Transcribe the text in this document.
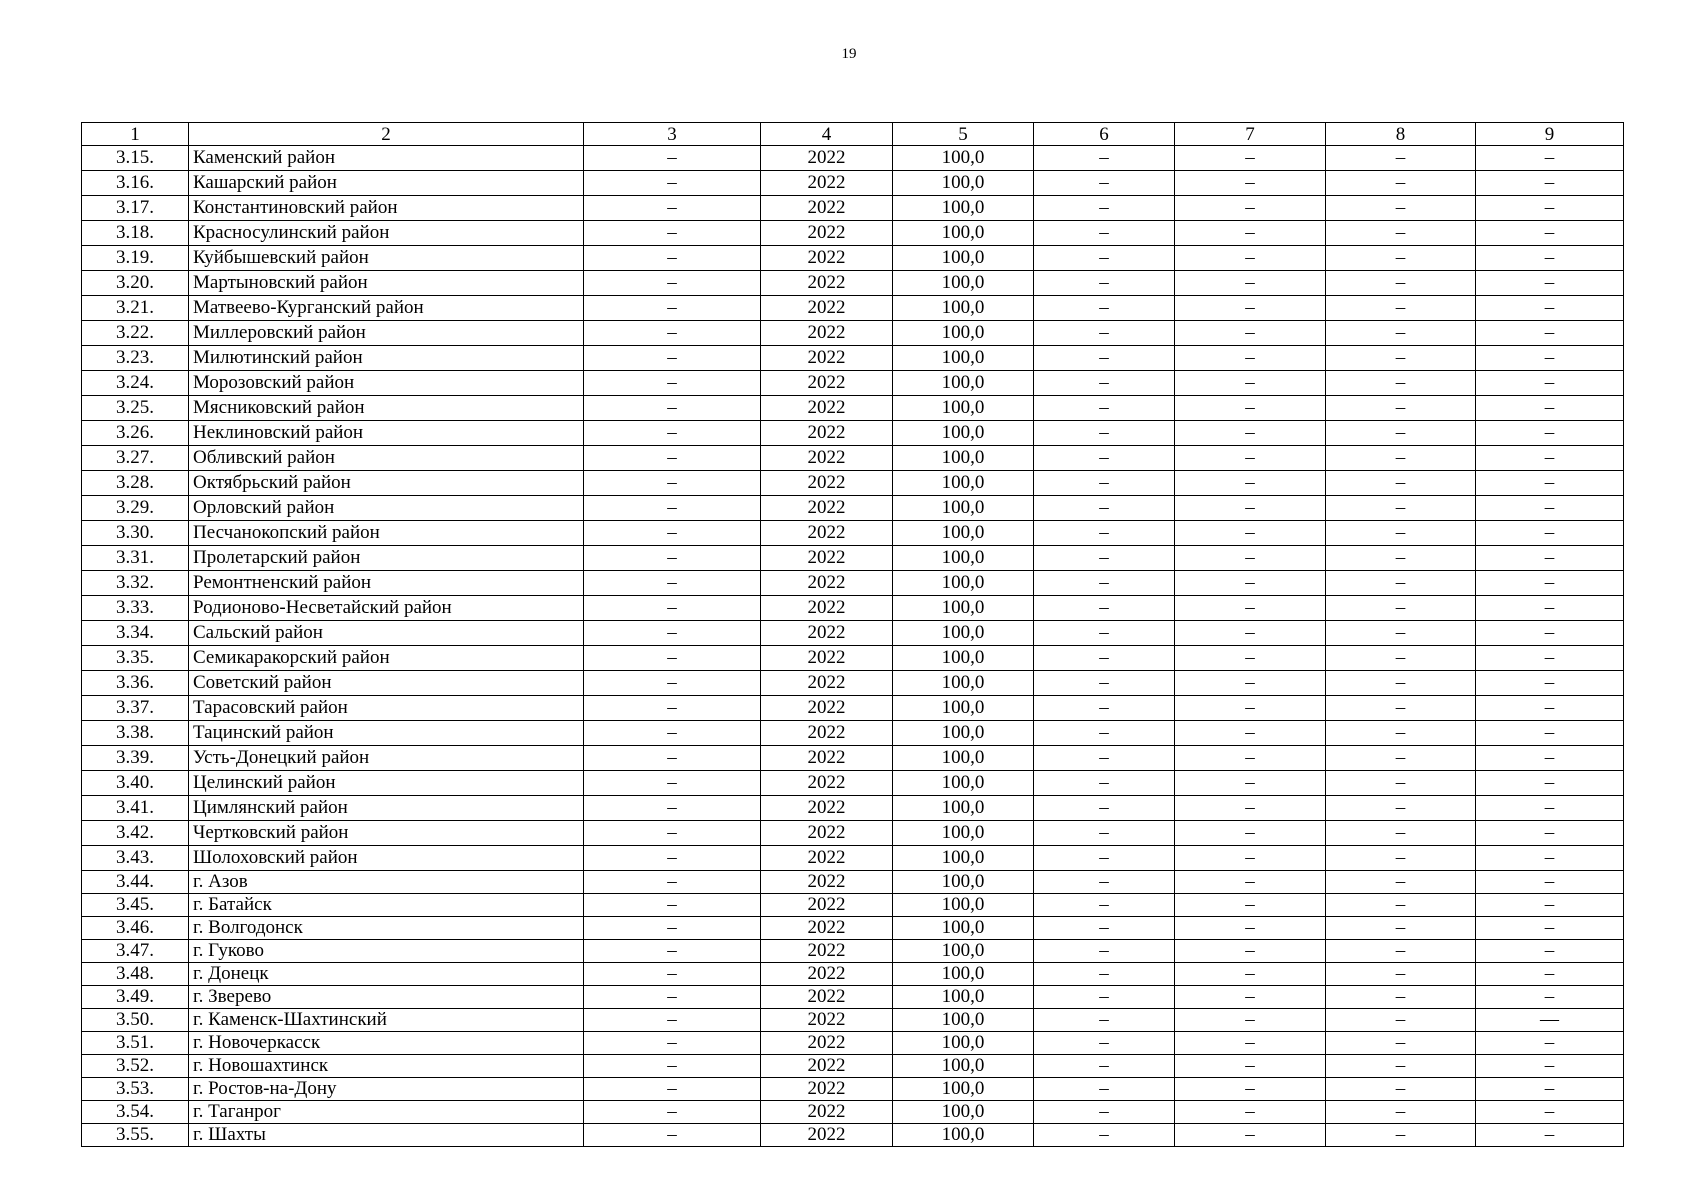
19
1	2	3	4	5	6	7	8	9
3.15.	Каменский район	–	2022	100,0	–	–	–	–
3.16.	Кашарский район	–	2022	100,0	–	–	–	–
3.17.	Константиновский район	–	2022	100,0	–	–	–	–
3.18.	Красносулинский район	–	2022	100,0	–	–	–	–
3.19.	Куйбышевский район	–	2022	100,0	–	–	–	–
3.20.	Мартыновский район	–	2022	100,0	–	–	–	–
3.21.	Матвеево-Курганский район	–	2022	100,0	–	–	–	–
3.22.	Миллеровский район	–	2022	100,0	–	–	–	–
3.23.	Милютинский район	–	2022	100,0	–	–	–	–
3.24.	Морозовский район	–	2022	100,0	–	–	–	–
3.25.	Мясниковский район	–	2022	100,0	–	–	–	–
3.26.	Неклиновский район	–	2022	100,0	–	–	–	–
3.27.	Обливский район	–	2022	100,0	–	–	–	–
3.28.	Октябрьский район	–	2022	100,0	–	–	–	–
3.29.	Орловский район	–	2022	100,0	–	–	–	–
3.30.	Песчанокопский район	–	2022	100,0	–	–	–	–
3.31.	Пролетарский район	–	2022	100,0	–	–	–	–
3.32.	Ремонтненский район	–	2022	100,0	–	–	–	–
3.33.	Родионово-Несветайский район	–	2022	100,0	–	–	–	–
3.34.	Сальский район	–	2022	100,0	–	–	–	–
3.35.	Семикаракорский район	–	2022	100,0	–	–	–	–
3.36.	Советский район	–	2022	100,0	–	–	–	–
3.37.	Тарасовский район	–	2022	100,0	–	–	–	–
3.38.	Тацинский район	–	2022	100,0	–	–	–	–
3.39.	Усть-Донецкий район	–	2022	100,0	–	–	–	–
3.40.	Целинский район	–	2022	100,0	–	–	–	–
3.41.	Цимлянский район	–	2022	100,0	–	–	–	–
3.42.	Чертковский район	–	2022	100,0	–	–	–	–
3.43.	Шолоховский район	–	2022	100,0	–	–	–	–
3.44.	г. Азов	–	2022	100,0	–	–	–	–
3.45.	г. Батайск	–	2022	100,0	–	–	–	–
3.46.	г. Волгодонск	–	2022	100,0	–	–	–	–
3.47.	г. Гуково	–	2022	100,0	–	–	–	–
3.48.	г. Донецк	–	2022	100,0	–	–	–	–
3.49.	г. Зверево	–	2022	100,0	–	–	–	–
3.50.	г. Каменск-Шахтинский	–	2022	100,0	–	–	–	—
3.51.	г. Новочеркасск	–	2022	100,0	–	–	–	–
3.52.	г. Новошахтинск	–	2022	100,0	–	–	–	–
3.53.	г. Ростов-на-Дону	–	2022	100,0	–	–	–	–
3.54.	г. Таганрог	–	2022	100,0	–	–	–	–
3.55.	г. Шахты	–	2022	100,0	–	–	–	–
